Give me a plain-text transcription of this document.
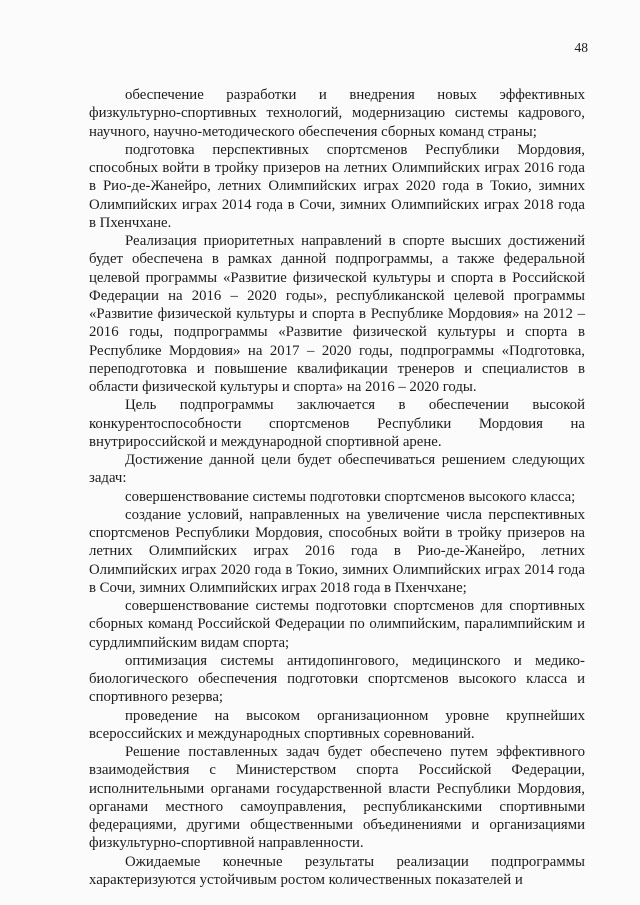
48

обеспечение разработки и внедрения новых эффективных физкультурно-спортивных технологий, модернизацию системы кадрового, научного, научно-методического обеспечения сборных команд страны;

подготовка перспективных спортсменов Республики Мордовия, способных войти в тройку призеров на летних Олимпийских играх 2016 года в Рио-де-Жанейро, летних Олимпийских играх 2020 года в Токио, зимних Олимпийских играх 2014 года в Сочи, зимних Олимпийских играх 2018 года в Пхенчхане.

Реализация приоритетных направлений в спорте высших достижений будет обеспечена в рамках данной подпрограммы, а также федеральной целевой программы «Развитие физической культуры и спорта в Российской Федерации на 2016 – 2020 годы», республиканской целевой программы «Развитие физической культуры и спорта в Республике Мордовия» на 2012 – 2016 годы, подпрограммы «Развитие физической культуры и спорта в Республике Мордовия» на 2017 – 2020 годы, подпрограммы «Подготовка, переподготовка и повышение квалификации тренеров и специалистов в области физической культуры и спорта» на 2016 – 2020 годы.

Цель подпрограммы заключается в обеспечении высокой конкурентоспособности спортсменов Республики Мордовия на внутрироссийской и международной спортивной арене.

Достижение данной цели будет обеспечиваться решением следующих задач:

совершенствование системы подготовки спортсменов высокого класса;

создание условий, направленных на увеличение числа перспективных спортсменов Республики Мордовия, способных войти в тройку призеров на летних Олимпийских играх 2016 года в Рио-де-Жанейро, летних Олимпийских играх 2020 года в Токио, зимних Олимпийских играх 2014 года в Сочи, зимних Олимпийских играх 2018 года в Пхенчхане;

совершенствование системы подготовки спортсменов для спортивных сборных команд Российской Федерации по олимпийским, паралимпийским и сурдлимпийским видам спорта;

оптимизация системы антидопингового, медицинского и медико-биологического обеспечения подготовки спортсменов высокого класса и спортивного резерва;

проведение на высоком организационном уровне крупнейших всероссийских и международных спортивных соревнований.

Решение поставленных задач будет обеспечено путем эффективного взаимодействия с Министерством спорта Российской Федерации, исполнительными органами государственной власти Республики Мордовия, органами местного самоуправления, республиканскими спортивными федерациями, другими общественными объединениями и организациями физкультурно-спортивной направленности.

Ожидаемые конечные результаты реализации подпрограммы характеризуются устойчивым ростом количественных показателей и
